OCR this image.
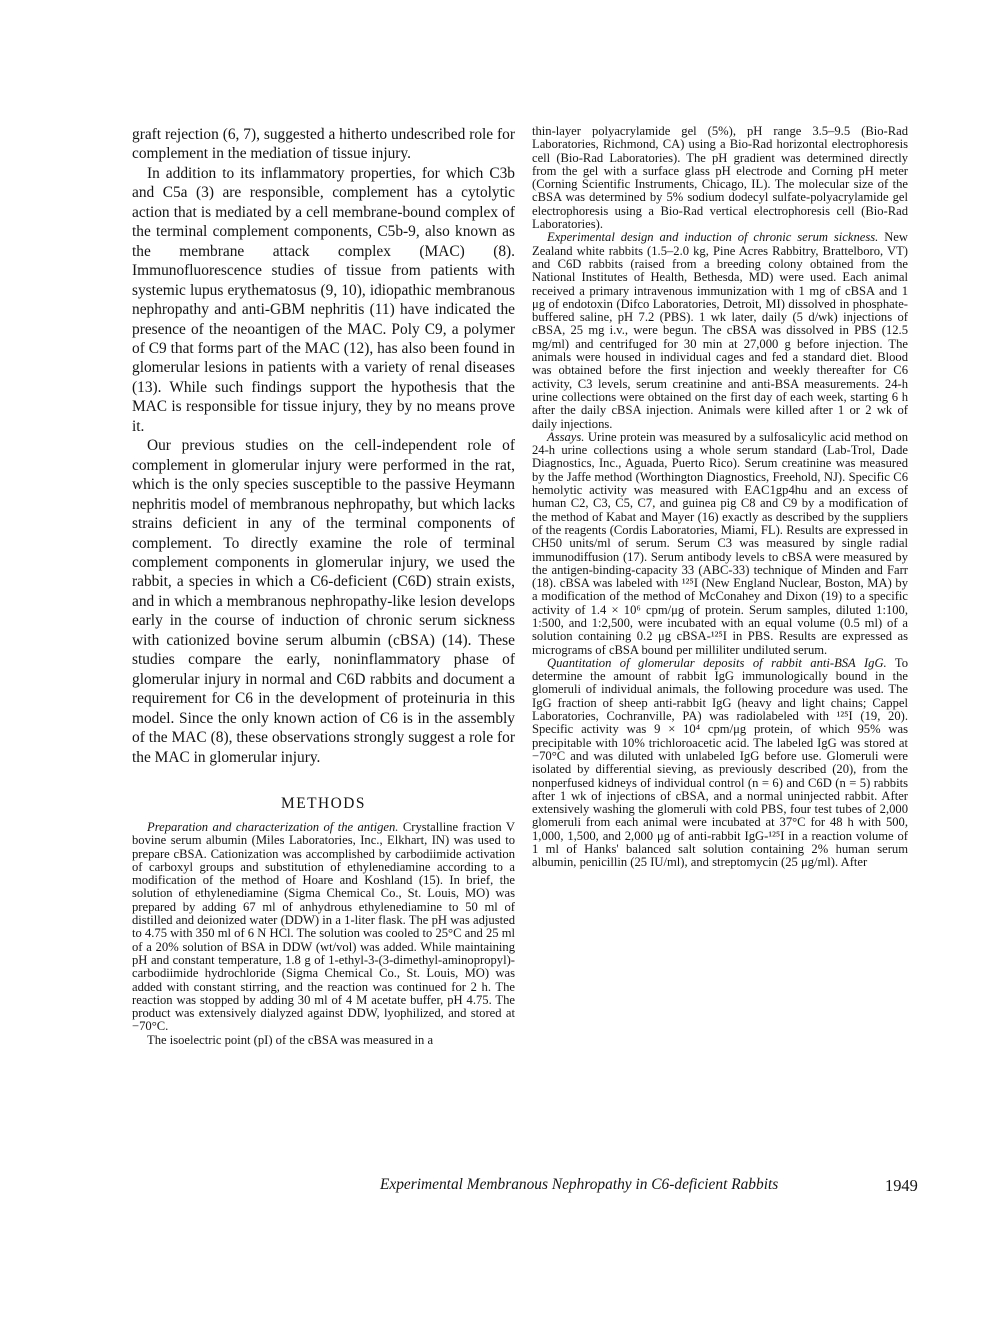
graft rejection (6, 7), suggested a hitherto undescribed role for complement in the mediation of tissue injury.

In addition to its inflammatory properties, for which C3b and C5a (3) are responsible, complement has a cytolytic action that is mediated by a cell membrane-bound complex of the terminal complement components, C5b-9, also known as the membrane attack complex (MAC) (8). Immunofluorescence studies of tissue from patients with systemic lupus erythematosus (9, 10), idiopathic membranous nephropathy and anti-GBM nephritis (11) have indicated the presence of the neoantigen of the MAC. Poly C9, a polymer of C9 that forms part of the MAC (12), has also been found in glomerular lesions in patients with a variety of renal diseases (13). While such findings support the hypothesis that the MAC is responsible for tissue injury, they by no means prove it.

Our previous studies on the cell-independent role of complement in glomerular injury were performed in the rat, which is the only species susceptible to the passive Heymann nephritis model of membranous nephropathy, but which lacks strains deficient in any of the terminal components of complement. To directly examine the role of terminal complement components in glomerular injury, we used the rabbit, a species in which a C6-deficient (C6D) strain exists, and in which a membranous nephropathy-like lesion develops early in the course of induction of chronic serum sickness with cationized bovine serum albumin (cBSA) (14). These studies compare the early, noninflammatory phase of glomerular injury in normal and C6D rabbits and document a requirement for C6 in the development of proteinuria in this model. Since the only known action of C6 is in the assembly of the MAC (8), these observations strongly suggest a role for the MAC in glomerular injury.

METHODS

Preparation and characterization of the antigen. Crystalline fraction V bovine serum albumin (Miles Laboratories, Inc., Elkhart, IN) was used to prepare cBSA. Cationization was accomplished by carbodiimide activation of carboxyl groups and substitution of ethylenediamine according to a modification of the method of Hoare and Koshland (15). In brief, the solution of ethylenediamine (Sigma Chemical Co., St. Louis, MO) was prepared by adding 67 ml of anhydrous ethylenediamine to 50 ml of distilled and deionized water (DDW) in a 1-liter flask. The pH was adjusted to 4.75 with 350 ml of 6 N HCl. The solution was cooled to 25°C and 25 ml of a 20% solution of BSA in DDW (wt/vol) was added. While maintaining pH and constant temperature, 1.8 g of 1-ethyl-3-(3-dimethyl-aminopropyl)-carbodiimide hydrochloride (Sigma Chemical Co., St. Louis, MO) was added with constant stirring, and the reaction was continued for 2 h. The reaction was stopped by adding 30 ml of 4 M acetate buffer, pH 4.75. The product was extensively dialyzed against DDW, lyophilized, and stored at −70°C.

The isoelectric point (pI) of the cBSA was measured in a

thin-layer polyacrylamide gel (5%), pH range 3.5–9.5 (Bio-Rad Laboratories, Richmond, CA) using a Bio-Rad horizontal electrophoresis cell (Bio-Rad Laboratories). The pH gradient was determined directly from the gel with a surface glass pH electrode and Corning pH meter (Corning Scientific Instruments, Chicago, IL). The molecular size of the cBSA was determined by 5% sodium dodecyl sulfate-polyacrylamide gel electrophoresis using a Bio-Rad vertical electrophoresis cell (Bio-Rad Laboratories).

Experimental design and induction of chronic serum sickness. New Zealand white rabbits (1.5–2.0 kg, Pine Acres Rabbitry, Brattelboro, VT) and C6D rabbits (raised from a breeding colony obtained from the National Institutes of Health, Bethesda, MD) were used. Each animal received a primary intravenous immunization with 1 mg of cBSA and 1 μg of endotoxin (Difco Laboratories, Detroit, MI) dissolved in phosphate-buffered saline, pH 7.2 (PBS). 1 wk later, daily (5 d/wk) injections of cBSA, 25 mg i.v., were begun. The cBSA was dissolved in PBS (12.5 mg/ml) and centrifuged for 30 min at 27,000 g before injection. The animals were housed in individual cages and fed a standard diet. Blood was obtained before the first injection and weekly thereafter for C6 activity, C3 levels, serum creatinine and anti-BSA measurements. 24-h urine collections were obtained on the first day of each week, starting 6 h after the daily cBSA injection. Animals were killed after 1 or 2 wk of daily injections.

Assays. Urine protein was measured by a sulfosalicylic acid method on 24-h urine collections using a whole serum standard (Lab-Trol, Dade Diagnostics, Inc., Aguada, Puerto Rico). Serum creatinine was measured by the Jaffe method (Worthington Diagnostics, Freehold, NJ). Specific C6 hemolytic activity was measured with EAC1gp4hu and an excess of human C2, C3, C5, C7, and guinea pig C8 and C9 by a modification of the method of Kabat and Mayer (16) exactly as described by the suppliers of the reagents (Cordis Laboratories, Miami, FL). Results are expressed in CH50 units/ml of serum. Serum C3 was measured by single radial immunodiffusion (17). Serum antibody levels to cBSA were measured by the antigen-binding-capacity 33 (ABC-33) technique of Minden and Farr (18). cBSA was labeled with ¹²⁵I (New England Nuclear, Boston, MA) by a modification of the method of McConahey and Dixon (19) to a specific activity of 1.4 × 10⁶ cpm/μg of protein. Serum samples, diluted 1:100, 1:500, and 1:2,500, were incubated with an equal volume (0.5 ml) of a solution containing 0.2 μg cBSA-¹²⁵I in PBS. Results are expressed as micrograms of cBSA bound per milliliter undiluted serum.

Quantitation of glomerular deposits of rabbit anti-BSA IgG. To determine the amount of rabbit IgG immunologically bound in the glomeruli of individual animals, the following procedure was used. The IgG fraction of sheep anti-rabbit IgG (heavy and light chains; Cappel Laboratories, Cochranville, PA) was radiolabeled with ¹²⁵I (19, 20). Specific activity was 9 × 10⁴ cpm/μg protein, of which 95% was precipitable with 10% trichloroacetic acid. The labeled IgG was stored at −70°C and was diluted with unlabeled IgG before use. Glomeruli were isolated by differential sieving, as previously described (20), from the nonperfused kidneys of individual control (n = 6) and C6D (n = 5) rabbits after 1 wk of injections of cBSA, and a normal uninjected rabbit. After extensively washing the glomeruli with cold PBS, four test tubes of 2,000 glomeruli from each animal were incubated at 37°C for 48 h with 500, 1,000, 1,500, and 2,000 μg of anti-rabbit IgG-¹²⁵I in a reaction volume of 1 ml of Hanks' balanced salt solution containing 2% human serum albumin, penicillin (25 IU/ml), and streptomycin (25 μg/ml). After

Experimental Membranous Nephropathy in C6-deficient Rabbits	1949
